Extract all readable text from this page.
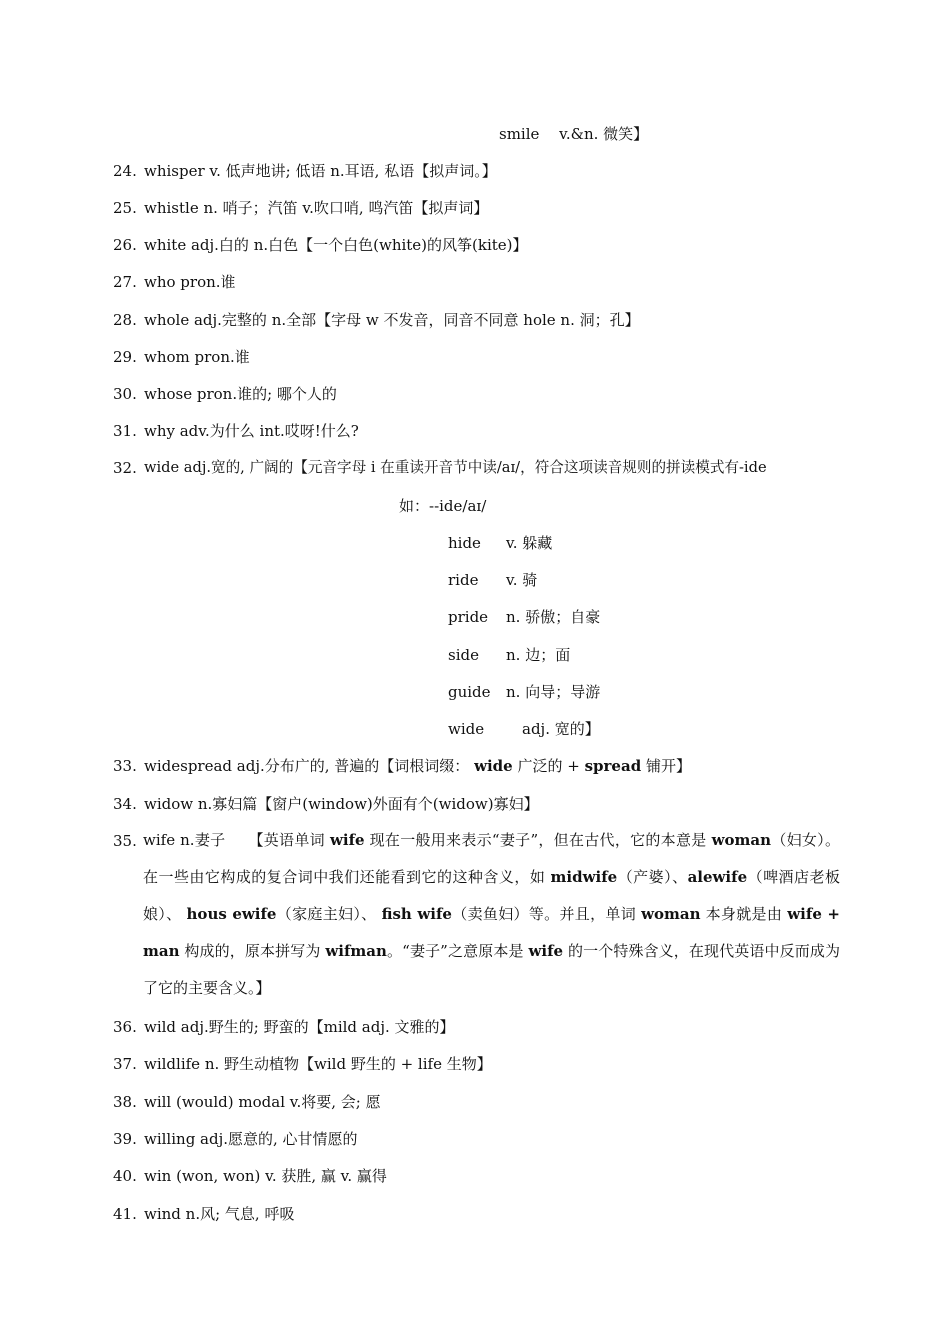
smile　 v.&n. 微笑】
24. whisper v. 低声地讲; 低语 n.耳语, 私语【拟声词。】
25. whistle n. 哨子；汽笛 v.吹口哨, 鸣汽笛【拟声词】
26. white adj.白的 n.白色【一个白色(white)的风筝(kite)】
27. who pron.谁
28. whole adj.完整的 n.全部【字母 w 不发音，同音不同意 hole n. 洞；孔】
29. whom pron.谁
30. whose pron.谁的; 哪个人的
31. why adv.为什么 int.哎呀!什么?
32. wide adj.宽的, 广阔的【元音字母 i 在重读开音节中读/aɪ/，符合这项读音规则的拼读模式有-ide
如：--ide/aɪ/
hide v. 躲藏
ride v. 骑
pride n. 骄傲；自豪
side n. 边；面
guide n. 向导；导游
wide	adj. 宽的】
33. widespread adj.分布广的, 普遍的【词根词缀： wide 广泛的 + spread 铺开】
34. widow n.寡妇篇【窗户(window)外面有个(widow)寡妇】
35. wife n.妻子　　 【英语单词 wife 现在一般用来表示“妻子”，但在古代，它的本意是 woman（妇女）。在一些由它构成的复合词中我们还能看到它的这种含义，如 midwife（产婆）、alewife（啤酒店老板娘）、 hous ewife（家庭主妇）、 fish wife（卖鱼妇）等。并且，单词 woman 本身就是由 wife + man 构成的，原本拼写为 wifman。“妻子”之意原本是 wife 的一个特殊含义，在现代英语中反而成为了它的主要含义。】
36. wild adj.野生的; 野蛮的【mild adj. 文雅的】
37. wildlife n. 野生动植物【wild 野生的 + life 生物】
38. will (would) modal v.将要, 会; 愿
39. willing adj.愿意的, 心甘情愿的
40. win (won, won) v. 获胜, 赢 v. 赢得
41. wind n.风; 气息, 呼吸
